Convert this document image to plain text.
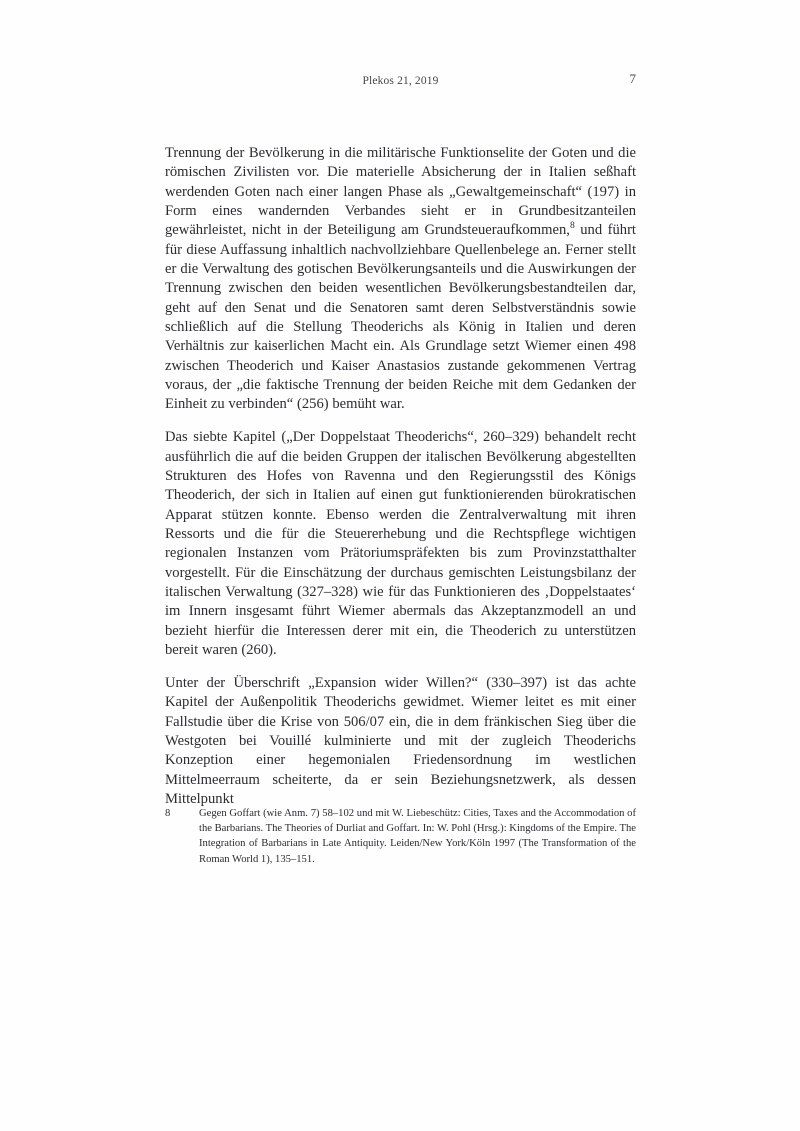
Plekos 21, 2019	7

Trennung der Bevölkerung in die militärische Funktionselite der Goten und die römischen Zivilisten vor. Die materielle Absicherung der in Italien seßhaft werdenden Goten nach einer langen Phase als „Gewaltgemeinschaft“ (197) in Form eines wandernden Verbandes sieht er in Grundbesitzanteilen gewährleistet, nicht in der Beteiligung am Grundsteueraufkommen,$^8$ und führt für diese Auffassung inhaltlich nachvollziehbare Quellenbelege an. Ferner stellt er die Verwaltung des gotischen Bevölkerungsanteils und die Auswirkungen der Trennung zwischen den beiden wesentlichen Bevölkerungsbestandteilen dar, geht auf den Senat und die Senatoren samt deren Selbstverständnis sowie schließlich auf die Stellung Theoderichs als König in Italien und deren Verhältnis zur kaiserlichen Macht ein. Als Grundlage setzt Wiemer einen 498 zwischen Theoderich und Kaiser Anastasios zustande gekommenen Vertrag voraus, der „die faktische Trennung der beiden Reiche mit dem Gedanken der Einheit zu verbinden“ (256) bemüht war.

Das siebte Kapitel („Der Doppelstaat Theoderichs“, 260–329) behandelt recht ausführlich die auf die beiden Gruppen der italischen Bevölkerung abgestellten Strukturen des Hofes von Ravenna und den Regierungsstil des Königs Theoderich, der sich in Italien auf einen gut funktionierenden bürokratischen Apparat stützen konnte. Ebenso werden die Zentralverwaltung mit ihren Ressorts und die für die Steuererhebung und die Rechtspflege wichtigen regionalen Instanzen vom Prätoriumspräfekten bis zum Provinzstatthalter vorgestellt. Für die Einschätzung der durchaus gemischten Leistungsbilanz der italischen Verwaltung (327–328) wie für das Funktionieren des ‚Doppelstaates‘ im Innern insgesamt führt Wiemer abermals das Akzeptanzmodell an und bezieht hierfür die Interessen derer mit ein, die Theoderich zu unterstützen bereit waren (260).

Unter der Überschrift „Expansion wider Willen?“ (330–397) ist das achte Kapitel der Außenpolitik Theoderichs gewidmet. Wiemer leitet es mit einer Fallstudie über die Krise von 506/07 ein, die in dem fränkischen Sieg über die Westgoten bei Vouillé kulminierte und mit der zugleich Theoderichs Konzeption einer hegemonialen Friedensordnung im westlichen Mittelmeerraum scheiterte, da er sein Beziehungsnetzwerk, als dessen Mittelpunkt

8	Gegen Goffart (wie Anm. 7) 58–102 und mit W. Liebeschütz: Cities, Taxes and the Accommodation of the Barbarians. The Theories of Durliat and Goffart. In: W. Pohl (Hrsg.): Kingdoms of the Empire. The Integration of Barbarians in Late Antiquity. Leiden/New York/Köln 1997 (The Transformation of the Roman World 1), 135–151.
